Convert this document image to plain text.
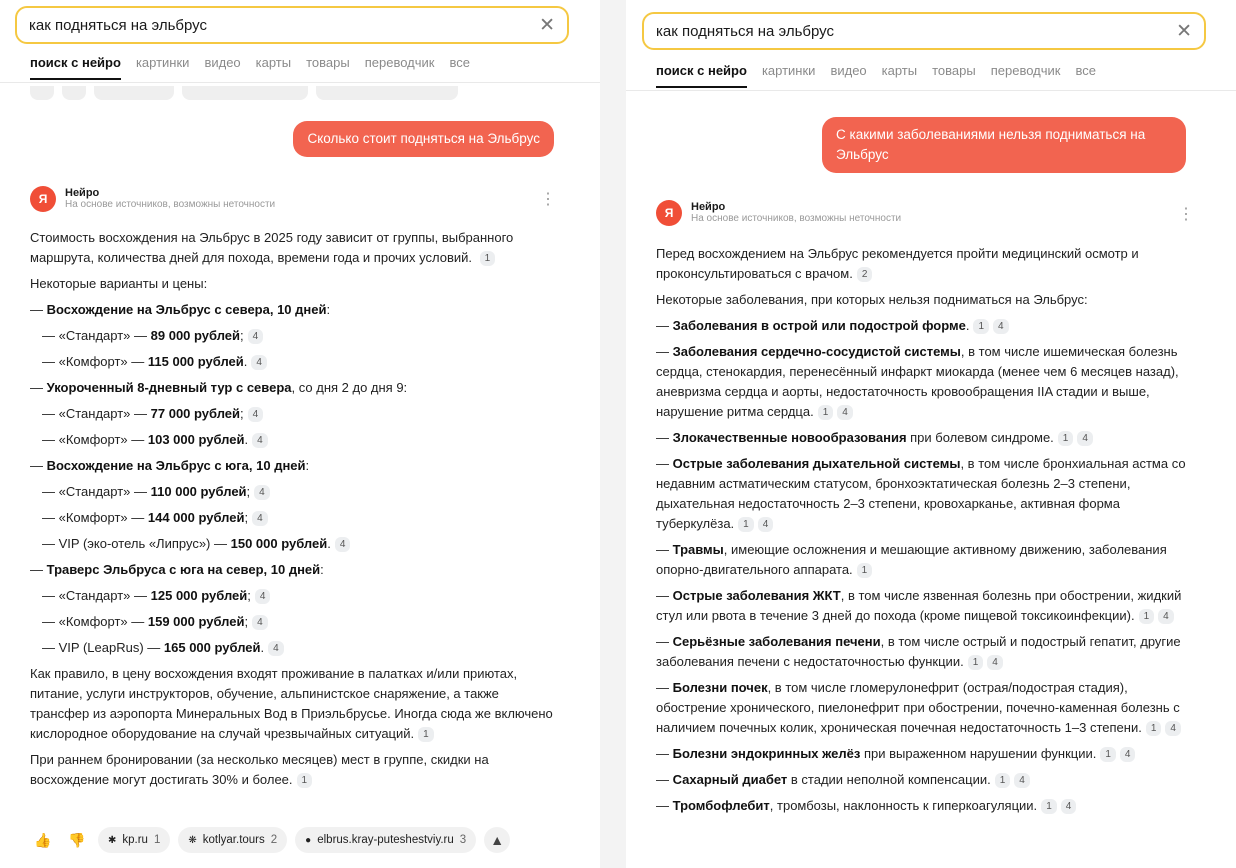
как подняться на эльбрус	✕
поиск с нейро картинки видео карты товары переводчик все
Сколько стоит подняться на Эльбрус
Я	Нейро
На основе источников, возможны неточности	⋮

Стоимость восхождения на Эльбрус в 2025 году зависит от группы, выбранного маршрута, количества дней для похода, времени года и прочих условий. 1

Некоторые варианты и цены:

— Восхождение на Эльбрус с севера, 10 дней:
— «Стандарт» — 89 000 рублей; 4
— «Комфорт» — 115 000 рублей. 4
— Укороченный 8-дневный тур с севера, со дня 2 до дня 9:
— «Стандарт» — 77 000 рублей; 4
— «Комфорт» — 103 000 рублей. 4
— Восхождение на Эльбрус с юга, 10 дней:
— «Стандарт» — 110 000 рублей; 4
— «Комфорт» — 144 000 рублей; 4
— VIP (эко-отель «Липрус») — 150 000 рублей. 4
— Траверс Эльбруса с юга на север, 10 дней:
— «Стандарт» — 125 000 рублей; 4
— «Комфорт» — 159 000 рублей; 4
— VIP (LeapRus) — 165 000 рублей. 4

Как правило, в цену восхождения входят проживание в палатках и/или приютах, питание, услуги инструкторов, обучение, альпинистское снаряжение, а также трансфер из аэропорта Минеральных Вод в Приэльбрусье. Иногда сюда же включено кислородное оборудование на случай чрезвычайных ситуаций. 1

При раннем бронировании (за несколько месяцев) мест в группе, скидки на восхождение могут достигать 30% и более. 1

👍	👎	✱ kp.ru 1	❋ kotlyar.tours 2	● elbrus.kray-puteshestviy.ru 3	▲
как подняться на эльбрус	✕
поиск с нейро картинки видео карты товары переводчик все
С какими заболеваниями нельзя подниматься на Эльбрус
Я	Нейро
На основе источников, возможны неточности	⋮

Перед восхождением на Эльбрус рекомендуется пройти медицинский осмотр и проконсультироваться с врачом. 2

Некоторые заболевания, при которых нельзя подниматься на Эльбрус:

— Заболевания в острой или подострой форме. 1 4
— Заболевания сердечно-сосудистой системы, в том числе ишемическая болезнь сердца, стенокардия, перенесённый инфаркт миокарда (менее чем 6 месяцев назад), аневризма сердца и аорты, недостаточность кровообращения IIA стадии и выше, нарушение ритма сердца. 1 4
— Злокачественные новообразования при болевом синдроме. 1 4
— Острые заболевания дыхательной системы, в том числе бронхиальная астма со недавним астматическим статусом, бронхоэктатическая болезнь 2–3 степени, дыхательная недостаточность 2–3 степени, кровохарканье, активная форма туберкулёза. 1 4
— Травмы, имеющие осложнения и мешающие активному движению, заболевания опорно-двигательного аппарата. 1
— Острые заболевания ЖКТ, в том числе язвенная болезнь при обострении, жидкий стул или рвота в течение 3 дней до похода (кроме пищевой токсикоинфекции). 1 4
— Серьёзные заболевания печени, в том числе острый и подострый гепатит, другие заболевания печени с недостаточностью функции. 1 4
— Болезни почек, в том числе гломерулонефрит (острая/подострая стадия), обострение хронического, пиелонефрит при обострении, почечно-каменная болезнь с наличием почечных колик, хроническая почечная недостаточность 1–3 степени. 1 4
— Болезни эндокринных желёз при выраженном нарушении функции. 1 4
— Сахарный диабет в стадии неполной компенсации. 1 4
— Тромбофлебит, тромбозы, наклонность к гиперкоагуляции. 1 4
